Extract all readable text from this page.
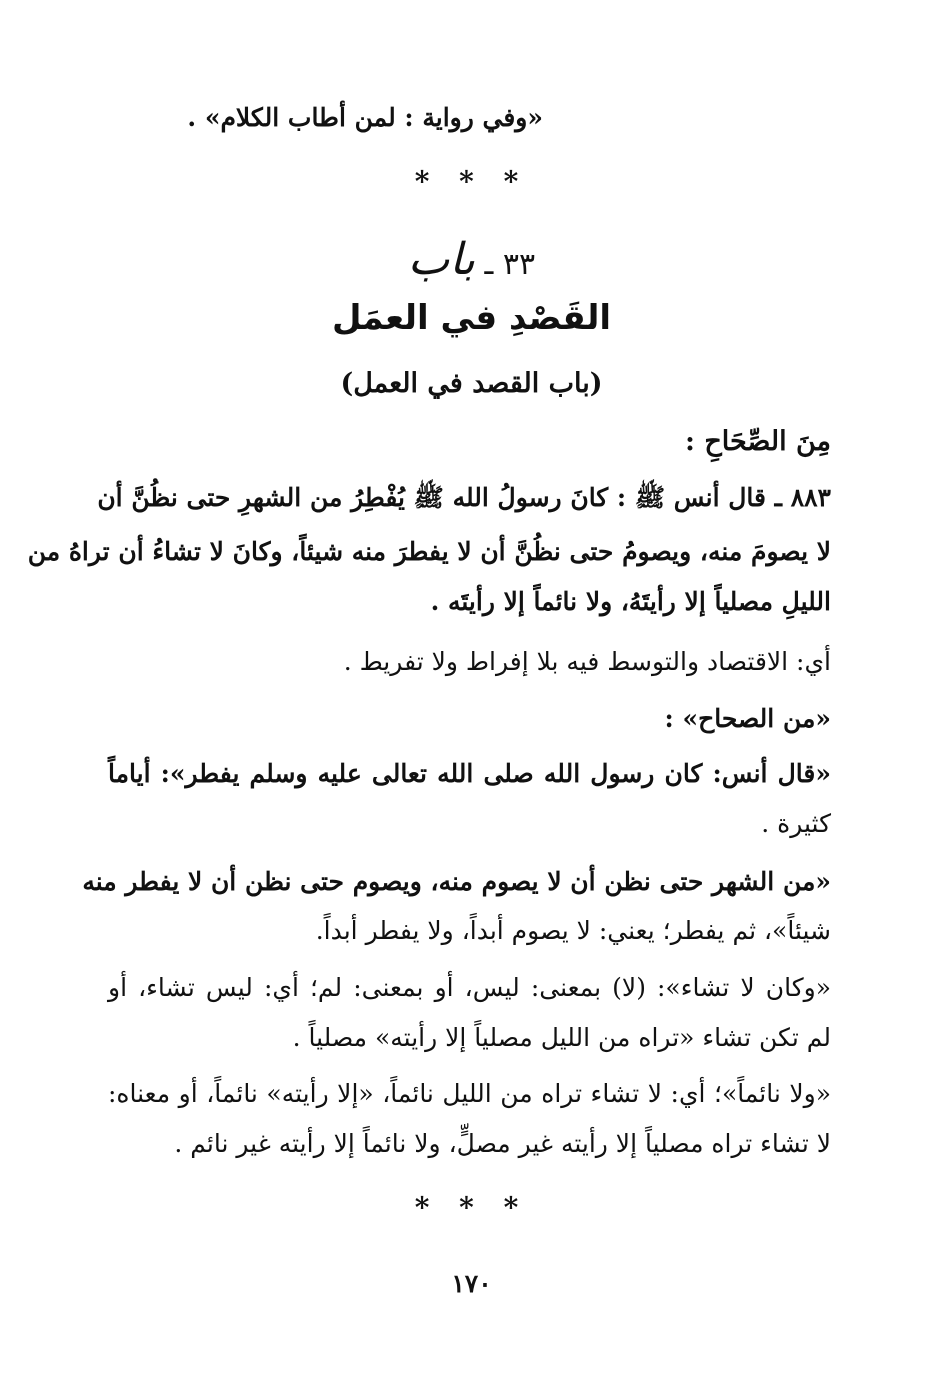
«وفي رواية : لمن أطاب الكلام» .
* * *
٣٣ ـ باب
القَصْدِ في العمَل
(باب القصد في العمل)
مِنَ الصِّحَاحِ :
٨٨٣ ـ قال أنس ﷺ : كانَ رسولُ الله ﷺ يُفْطِرُ من الشهرِ حتى نظُنَّ أن
لا يصومَ منه، ويصومُ حتى نظُنَّ أن لا يفطرَ منه شيئاً، وكانَ لا تشاءُ أن تراهُ من
الليلِ مصلياً إلا رأيتَهُ، ولا نائماً إلا رأيتَه .
أي: الاقتصاد والتوسط فيه بلا إفراط ولا تفريط .
«من الصحاح» :
«قال أنس: كان رسول الله صلى الله تعالى عليه وسلم يفطر»: أياماً
كثيرة .
«من الشهر حتى نظن أن لا يصوم منه، ويصوم حتى نظن أن لا يفطر منه
شيئاً»، ثم يفطر؛ يعني: لا يصوم أبداً، ولا يفطر أبداً.
«وكان لا تشاء»: (لا) بمعنى: ليس، أو بمعنى: لم؛ أي: ليس تشاء، أو
لم تكن تشاء «تراه من الليل مصلياً إلا رأيته» مصلياً .
«ولا نائماً»؛ أي: لا تشاء تراه من الليل نائماً، «إلا رأيته» نائماً، أو معناه:
لا تشاء تراه مصلياً إلا رأيته غير مصلٍّ، ولا نائماً إلا رأيته غير نائم .
* * *
١٧٠
